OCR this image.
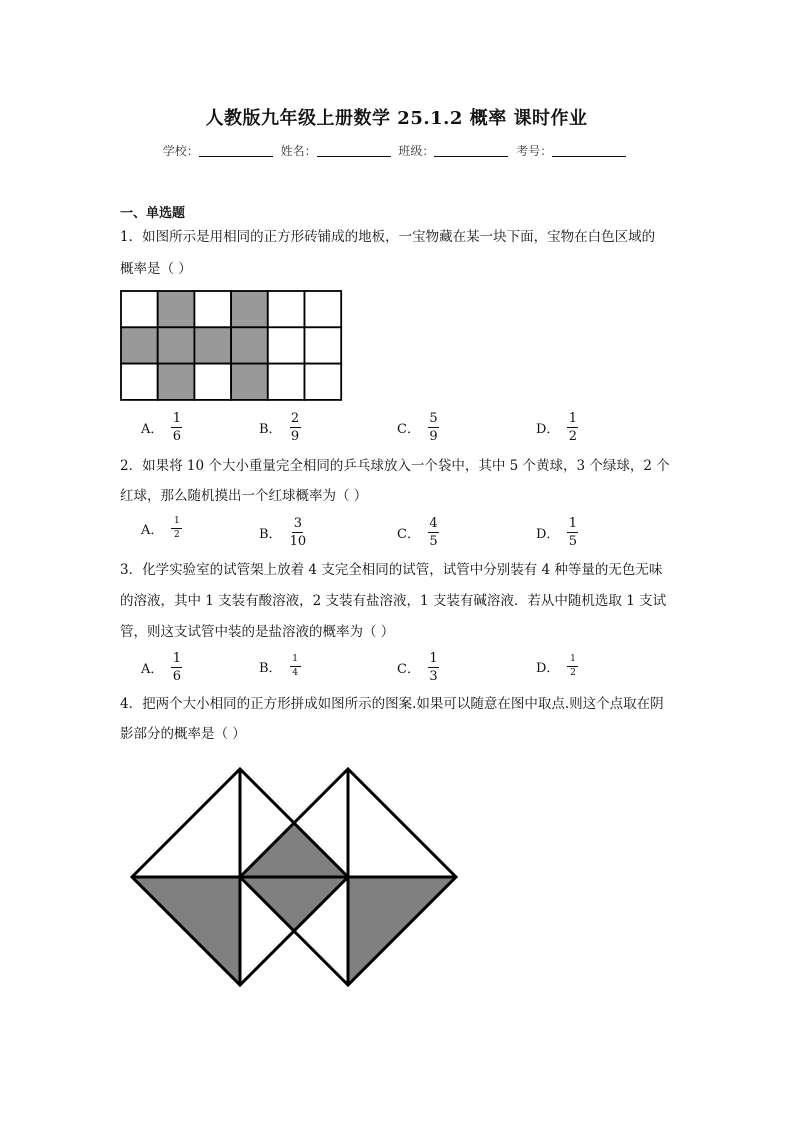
人教版九年级上册数学 25.1.2 概率 课时作业
学校：	姓名：	班级：	考号：
一、单选题
1．如图所示是用相同的正方形砖铺成的地板，一宝物藏在某一块下面，宝物在白色区域的
概率是（ ）
A． $\frac{1}{6}$	B． $\frac{2}{9}$	C． $\frac{5}{9}$	D． $\frac{1}{2}$
2．如果将 10 个大小重量完全相同的乒乓球放入一个袋中，其中 5 个黄球，3 个绿球，2 个
红球，那么随机摸出一个红球概率为（ ）
A． $\frac{1}{2}$	B． $\frac{3}{10}$	C． $\frac{4}{5}$	D． $\frac{1}{5}$
3．化学实验室的试管架上放着 4 支完全相同的试管，试管中分别装有 4 种等量的无色无味
的溶液，其中 1 支装有酸溶液，2 支装有盐溶液，1 支装有碱溶液．若从中随机选取 1 支试
管，则这支试管中装的是盐溶液的概率为（ ）
A． $\frac{1}{6}$	B． $\frac{1}{4}$	C． $\frac{1}{3}$	D． $\frac{1}{2}$
4．把两个大小相同的正方形拼成如图所示的图案.如果可以随意在图中取点.则这个点取在阴
影部分的概率是（ ）
